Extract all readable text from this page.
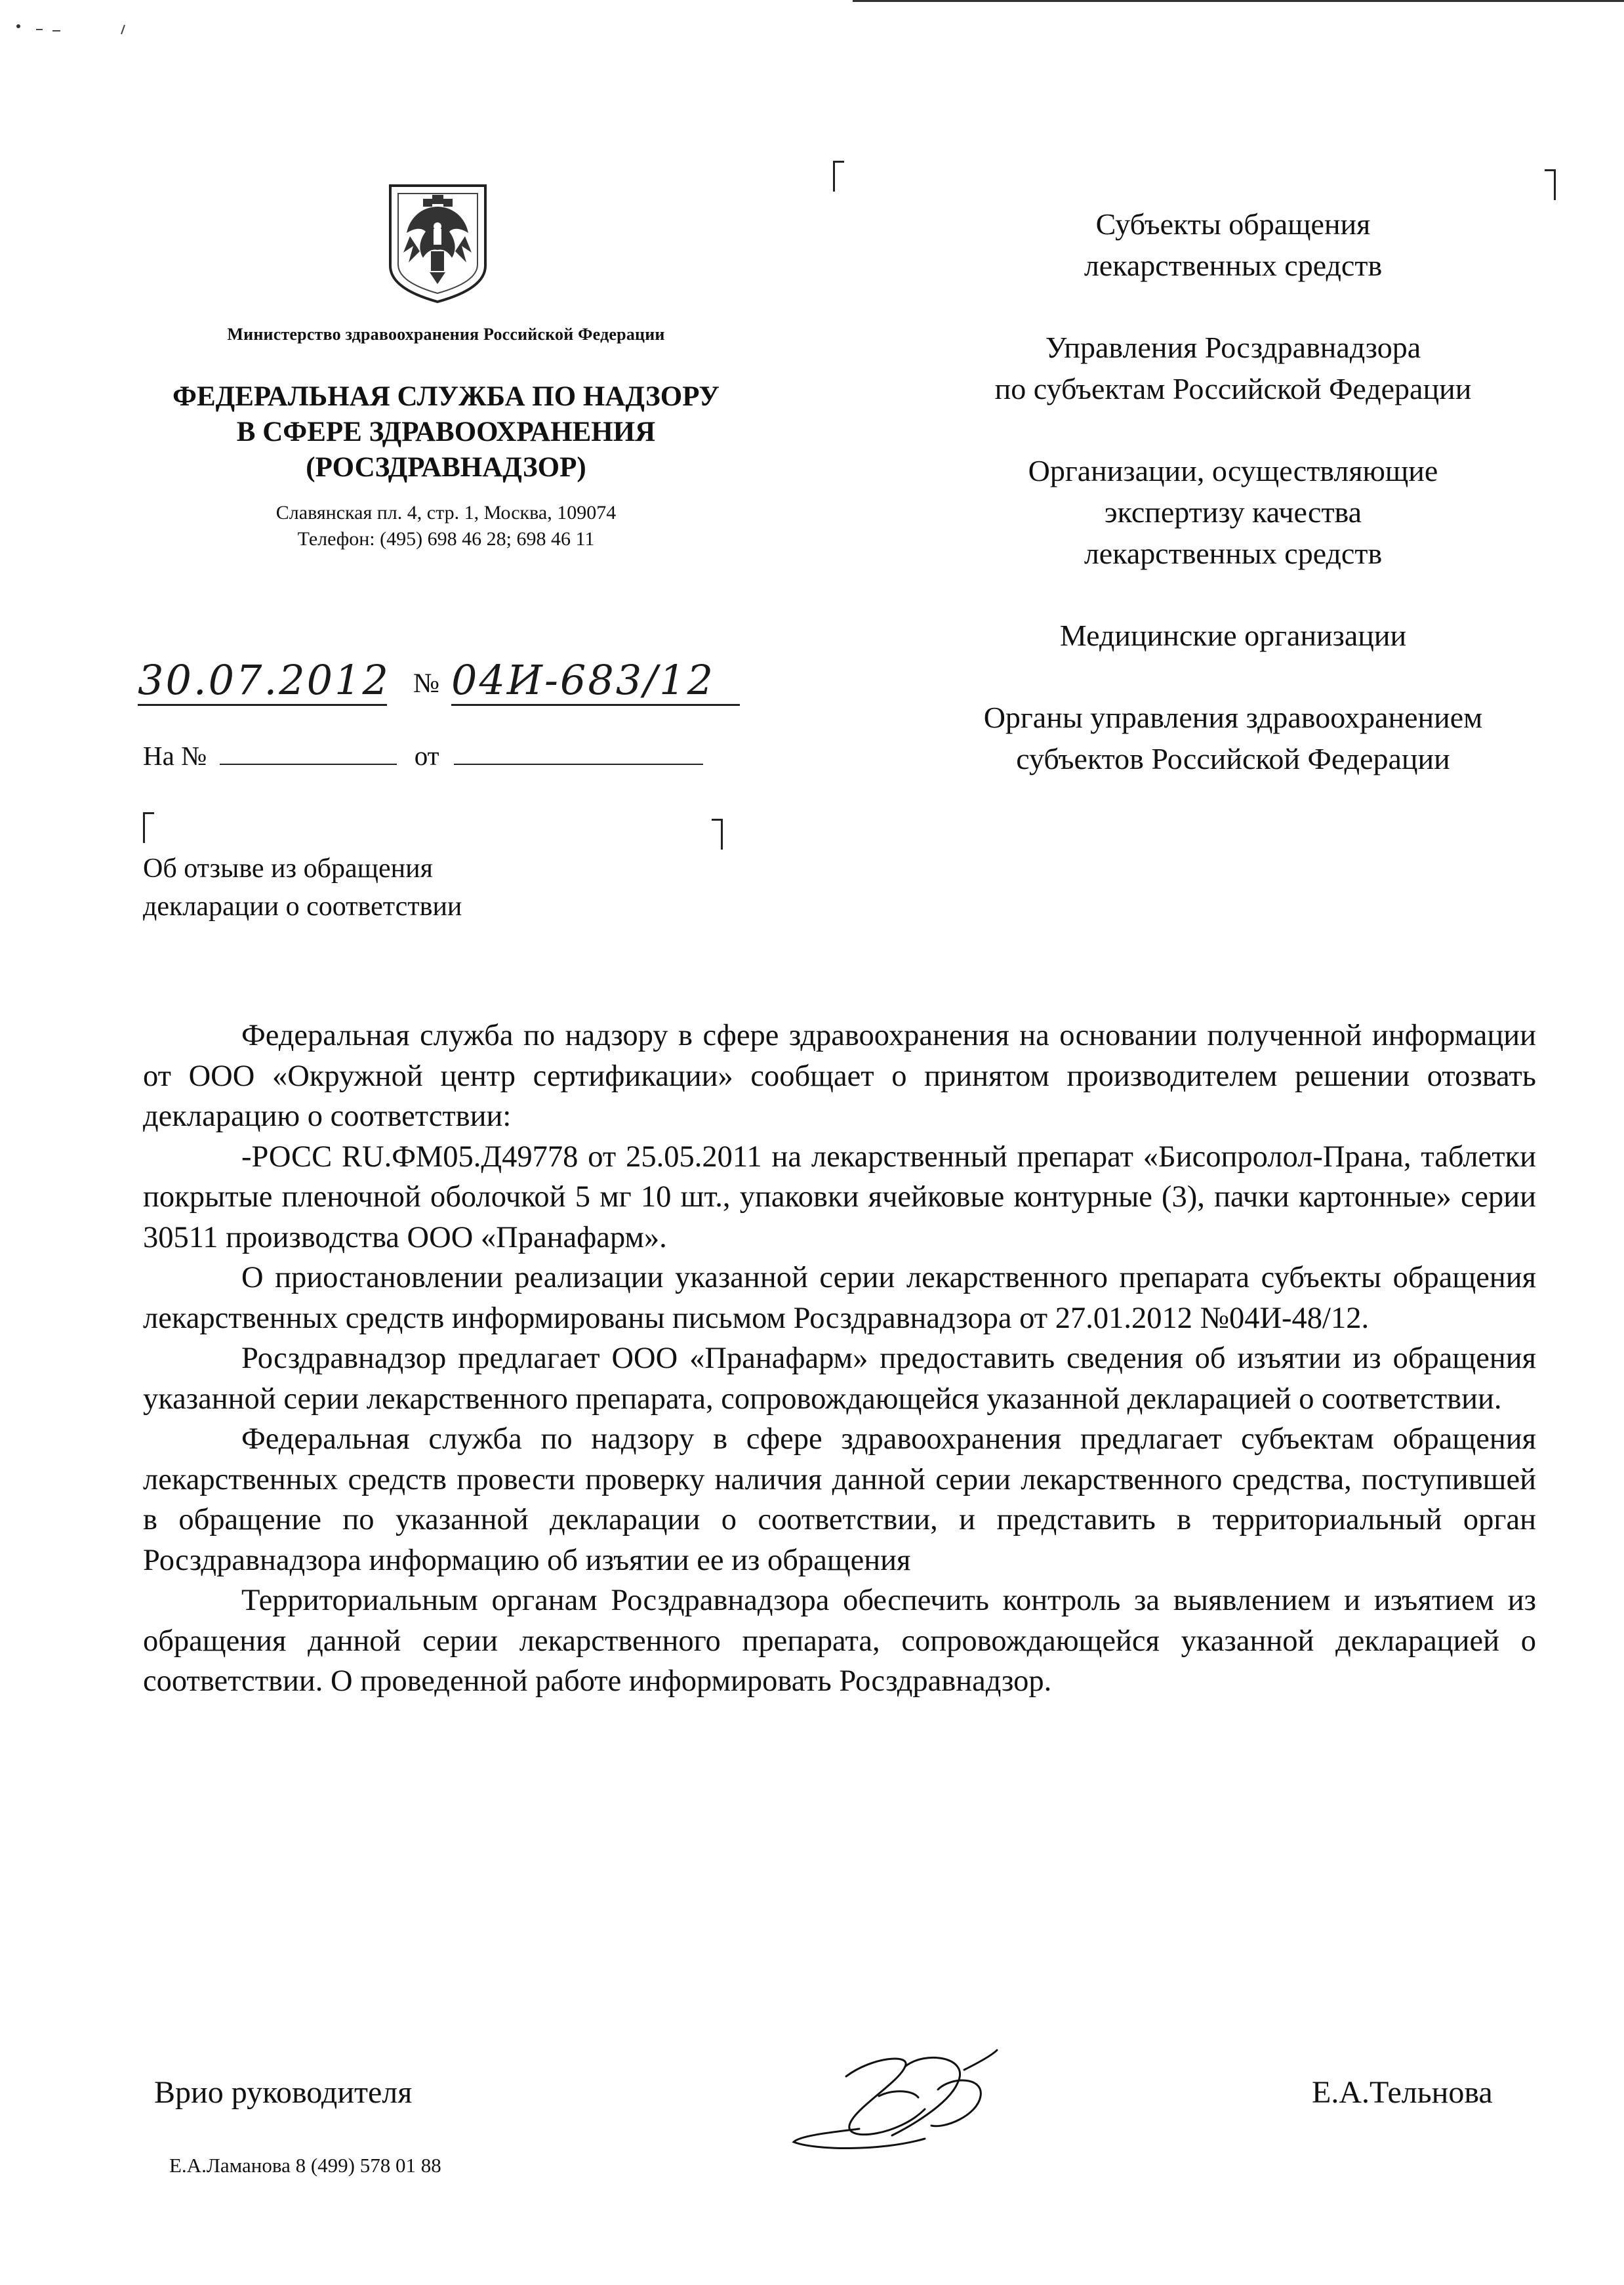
Министерство здравоохранения Российской Федерации
ФЕДЕРАЛЬНАЯ СЛУЖБА ПО НАДЗОРУ
В СФЕРЕ ЗДРАВООХРАНЕНИЯ
(РОСЗДРАВНАДЗОР)
Славянская пл. 4, стр. 1, Москва, 109074
Телефон: (495) 698 46 28; 698 46 11
30.07.2012 № 04И-683/12
На №	от
Об отзыве из обращения
декларации о соответствии
Субъекты обращения
лекарственных средств
Управления Росздравнадзора
по субъектам Российской Федерации
Организации, осуществляющие
экспертизу качества
лекарственных средств
Медицинские организации
Органы управления здравоохранением
субъектов Российской Федерации

Федеральная служба по надзору в сфере здравоохранения на основании полученной информации от ООО «Окружной центр сертификации» сообщает о принятом производителем решении отозвать декларацию о соответствии:

-РОСС RU.ФМ05.Д49778 от 25.05.2011 на лекарственный препарат «Бисопролол-Прана, таблетки покрытые пленочной оболочкой 5 мг 10 шт., упаковки ячейковые контурные (3), пачки картонные» серии 30511 производства ООО «Пранафарм».

О приостановлении реализации указанной серии лекарственного препарата субъекты обращения лекарственных средств информированы письмом Росздравнадзора от 27.01.2012 №04И-48/12.

Росздравнадзор предлагает ООО «Пранафарм» предоставить сведения об изъятии из обращения указанной серии лекарственного препарата, сопровождающейся указанной декларацией о соответствии.

Федеральная служба по надзору в сфере здравоохранения предлагает субъектам обращения лекарственных средств провести проверку наличия данной серии лекарственного средства, поступившей в обращение по указанной декларации о соответствии, и представить в территориальный орган Росздравнадзора информацию об изъятии ее из обращения

Территориальным органам Росздравнадзора обеспечить контроль за выявлением и изъятием из обращения данной серии лекарственного препарата, сопровождающейся указанной декларацией о соответствии. О проведенной работе информировать Росздравнадзор.

Врио руководителя	Е.А.Тельнова
Е.А.Ламанова 8 (499) 578 01 88
